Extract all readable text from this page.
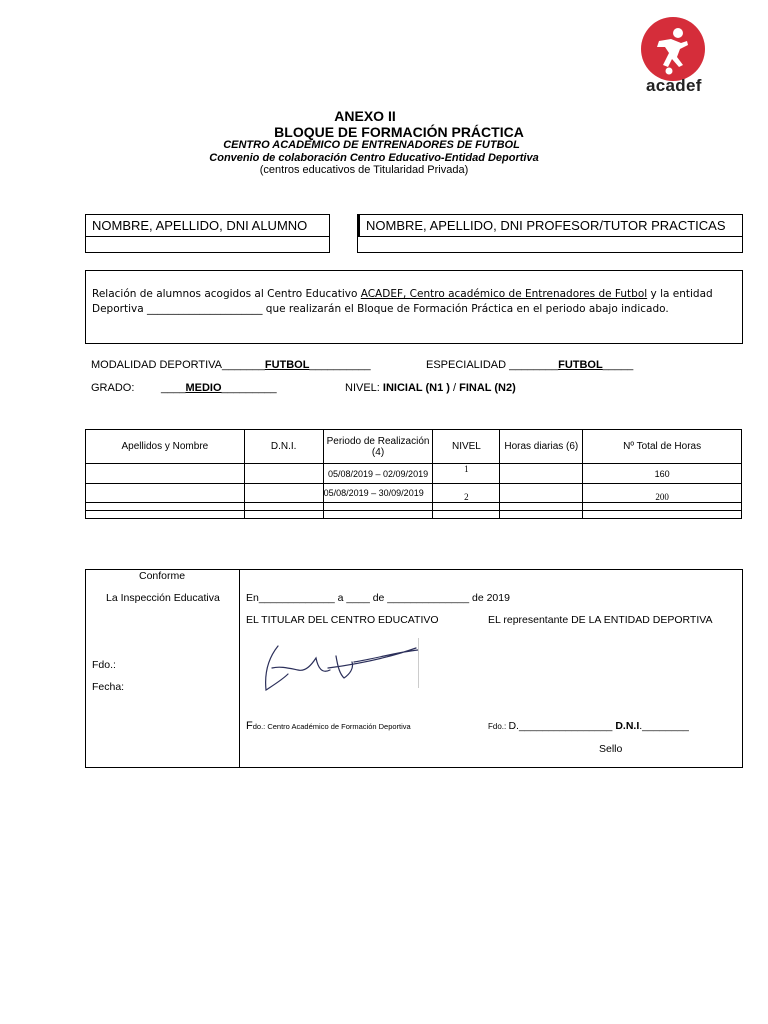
acadef
ANEXO II
BLOQUE DE FORMACIÓN PRÁCTICA
CENTRO ACADEMICO DE ENTRENADORES DE FUTBOL
Convenio de colaboración Centro Educativo-Entidad Deportiva
(centros educativos de Titularidad Privada)
NOMBRE, APELLIDO, DNI ALUMNO	NOMBRE, APELLIDO, DNI PROFESOR/TUTOR PRACTICAS
Relación de alumnos acogidos al Centro Educativo ACADEF, Centro académico de Entrenadores de Futbol y la entidad
Deportiva ______________________ que realizarán el Bloque de Formación Práctica en el periodo abajo indicado.
MODALIDAD DEPORTIVA_______FUTBOL__________	ESPECIALIDAD ________FUTBOL_____
GRADO: ____MEDIO_________	NIVEL: INICIAL (N1 ) / FINAL (N2)
Apellidos y Nombre	D.N.I.	Periodo de Realización (4)	NIVEL	Horas diarias (6)	Nº Total de Horas
		05/08/2019 – 02/09/2019	1		160
		05/08/2019 – 30/09/2019	2		200

Conforme
La Inspección Educativa
Fdo.:
Fecha:
En_____________ a ____ de ______________ de 2019
EL TITULAR DEL CENTRO EDUCATIVO	EL representante DE LA ENTIDAD DEPORTIVA
Fdo.: Centro Académico de Formación Deportiva	Fdo.: D.________________ D.N.I.________
Sello
